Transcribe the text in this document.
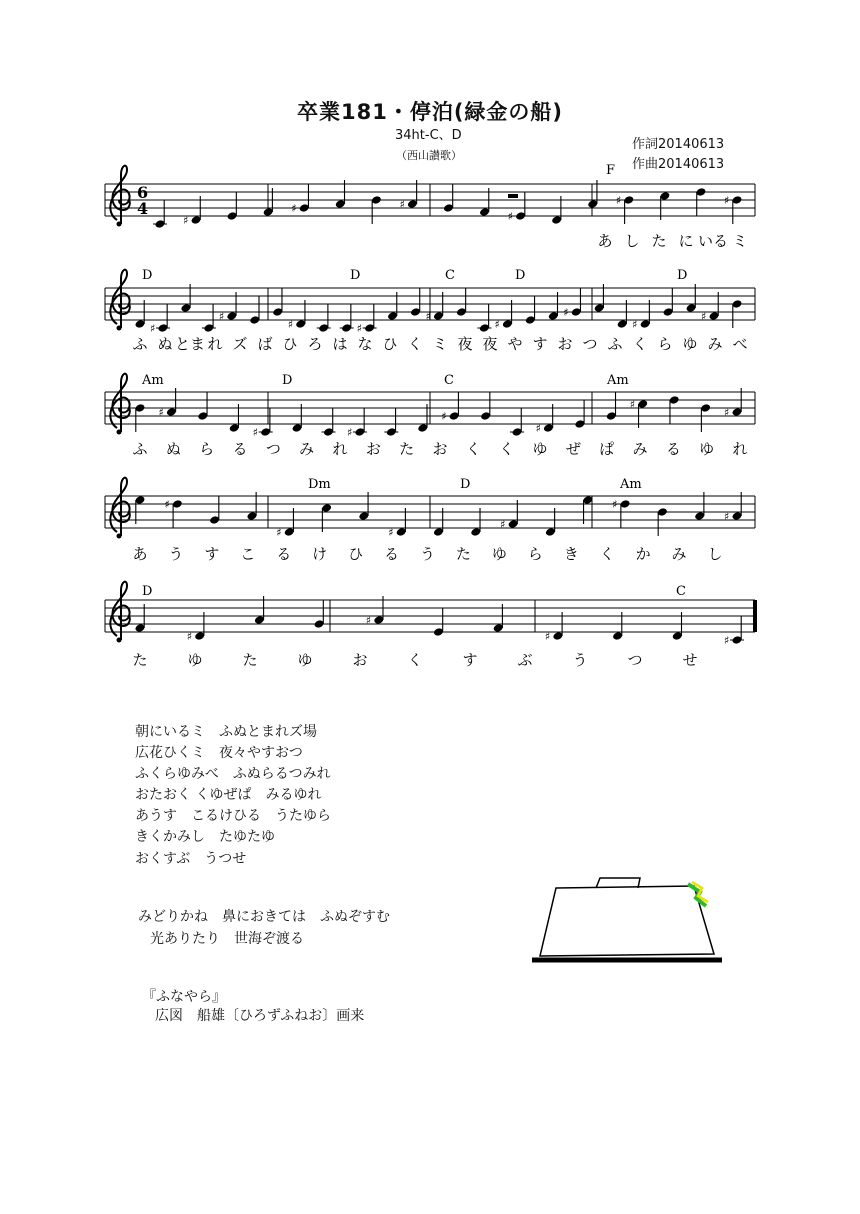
卒業181・停泊(緑金の船)
34ht-C、D
（西山讃歌）
作詞20140613
作曲20140613
♯
♯	♯
♯
♯	♯
♯
♯
♯	♯
♯
♯
♯
♯
♯
♯
♯	♯
♯
♯
♯
♯
♯
♯	♯
♯
♯
♯
♯
♯
♯	♯
6
4
F
あ し た に いる ミ
D	D	C	D	D
ふ ぬ とま れ ズ ば ひ ろ は な ひ く ミ 夜 夜 や す お つ ふ く ら ゆ み べ
Am	D	C	Am
ふ ぬ ら る つ み れ お た お く く ゆ ぜ ぱ み る ゆ れ
Dm	D	Am
あ う す こ る け ひ る う た ゆ ら き く か み し
D	C
た	ゆ	た	ゆ	お	く	す	ぶ	う	つ	せ
朝にいるミ　ふぬとまれズ場
広花ひくミ　夜々やすおつ
ふくらゆみべ　ふぬらるつみれ
おたおく くゆぜぱ　みるゆれ
あうす　こるけひる　うたゆら
きくかみし　たゆたゆ
おくすぶ　うつせ
みどりかね　鼻におきては　ふぬぞすむ
光ありたり　世海ぞ渡る
『ふなやら』
広図　船雄〔ひろずふねお〕画来
